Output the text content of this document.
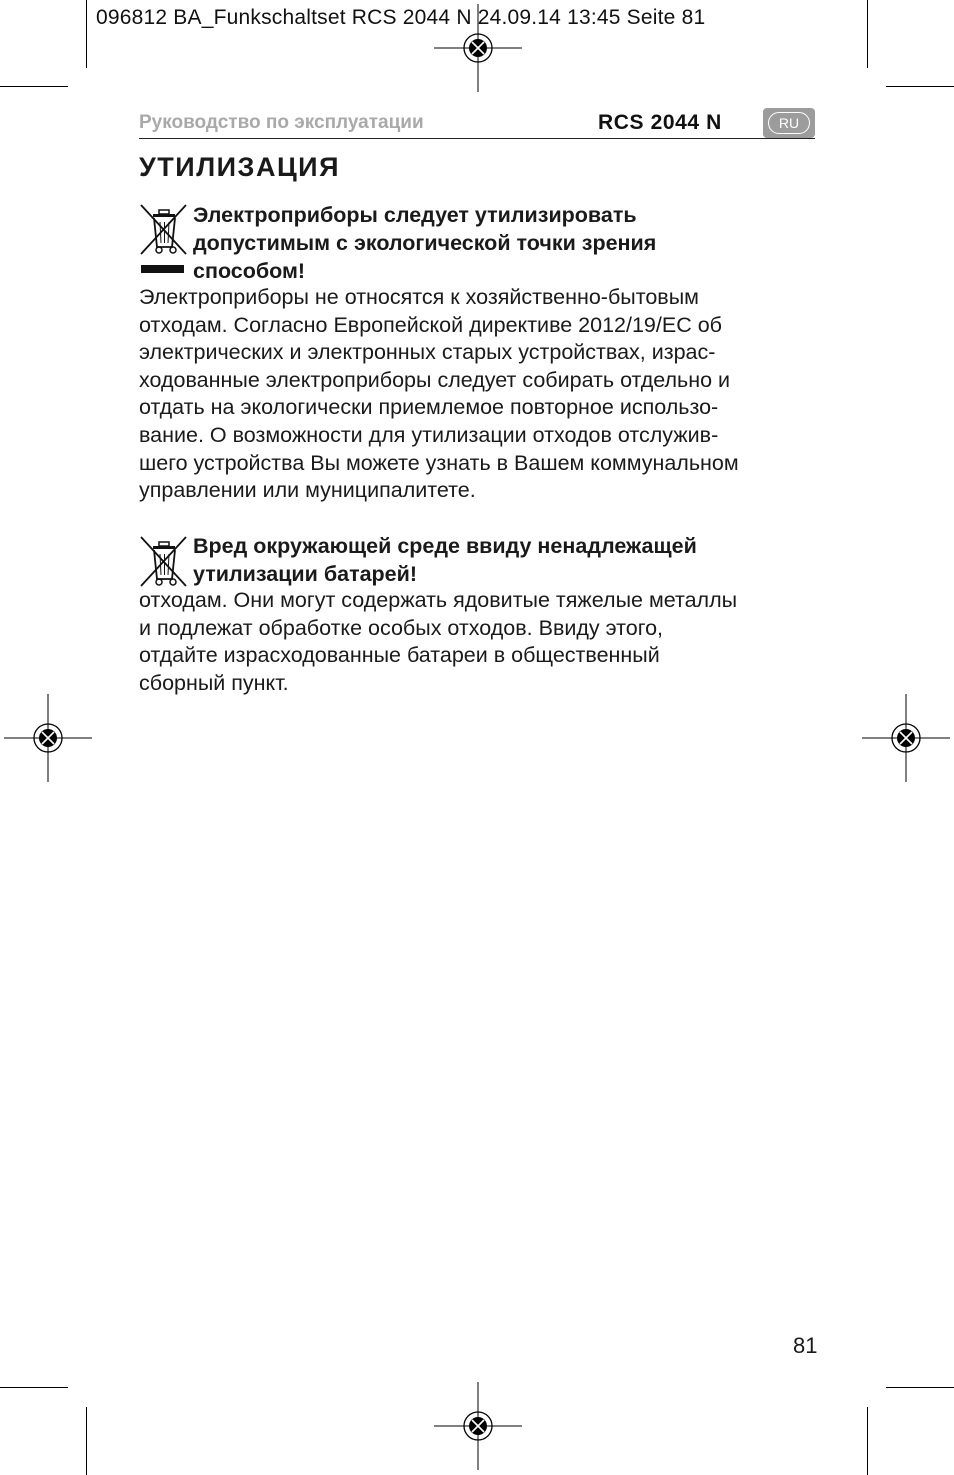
096812 BA_Funkschaltset RCS 2044 N 24.09.14 13:45 Seite 81
Руководство по эксплуатации	RCS 2044 N	RU
УТИЛИЗАЦИЯ

Электроприборы следует утилизировать
допустимым с экологической точки зрения
способом!

Электроприборы не относятся к хозяйственно-бытовым
отходам. Согласно Европейской директиве 2012/19/ЕС об
электрических и электронных старых устройствах, израс-
ходованные электроприборы следует собирать отдельно и
отдать на экологически приемлемое повторное использо-
вание. О возможности для утилизации отходов отслужив-
шего устройства Вы можете узнать в Вашем коммунальном
управлении или муниципалитете.

Вред окружающей среде ввиду ненадлежащей
утилизации батарей!

отходам. Они могут содержать ядовитые тяжелые металлы
и подлежат обработке особых отходов. Ввиду этого,
отдайте израсходованные батареи в общественный
сборный пункт.

81
